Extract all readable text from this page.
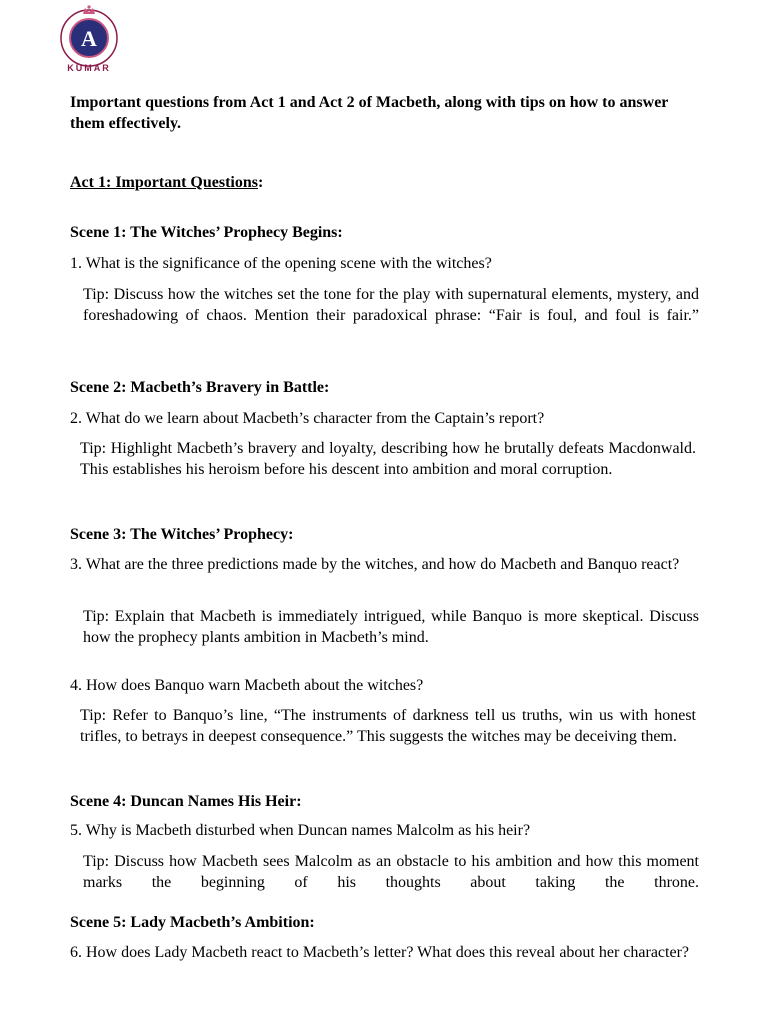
A
KUMAR

Important questions from Act 1 and Act 2 of Macbeth, along with tips on how to answer them effectively.

Act 1: Important Questions:

Scene 1: The Witches’ Prophecy Begins:

1. What is the significance of the opening scene with the witches?

Tip: Discuss how the witches set the tone for the play with supernatural elements, mystery, and foreshadowing of chaos. Mention their paradoxical phrase: “Fair is foul, and foul is fair.”

Scene 2: Macbeth’s Bravery in Battle:

2. What do we learn about Macbeth’s character from the Captain’s report?

Tip: Highlight Macbeth’s bravery and loyalty, describing how he brutally defeats Macdonwald. This establishes his heroism before his descent into ambition and moral corruption.

Scene 3: The Witches’ Prophecy:

3. What are the three predictions made by the witches, and how do Macbeth and Banquo react?

Tip: Explain that Macbeth is immediately intrigued, while Banquo is more skeptical. Discuss how the prophecy plants ambition in Macbeth’s mind.

4. How does Banquo warn Macbeth about the witches?

Tip: Refer to Banquo’s line, “The instruments of darkness tell us truths, win us with honest trifles, to betrays in deepest consequence.” This suggests the witches may be deceiving them.

Scene 4: Duncan Names His Heir:

5. Why is Macbeth disturbed when Duncan names Malcolm as his heir?

Tip: Discuss how Macbeth sees Malcolm as an obstacle to his ambition and how this moment marks the beginning of his thoughts about taking the throne.

Scene 5: Lady Macbeth’s Ambition:

6. How does Lady Macbeth react to Macbeth’s letter? What does this reveal about her character?
